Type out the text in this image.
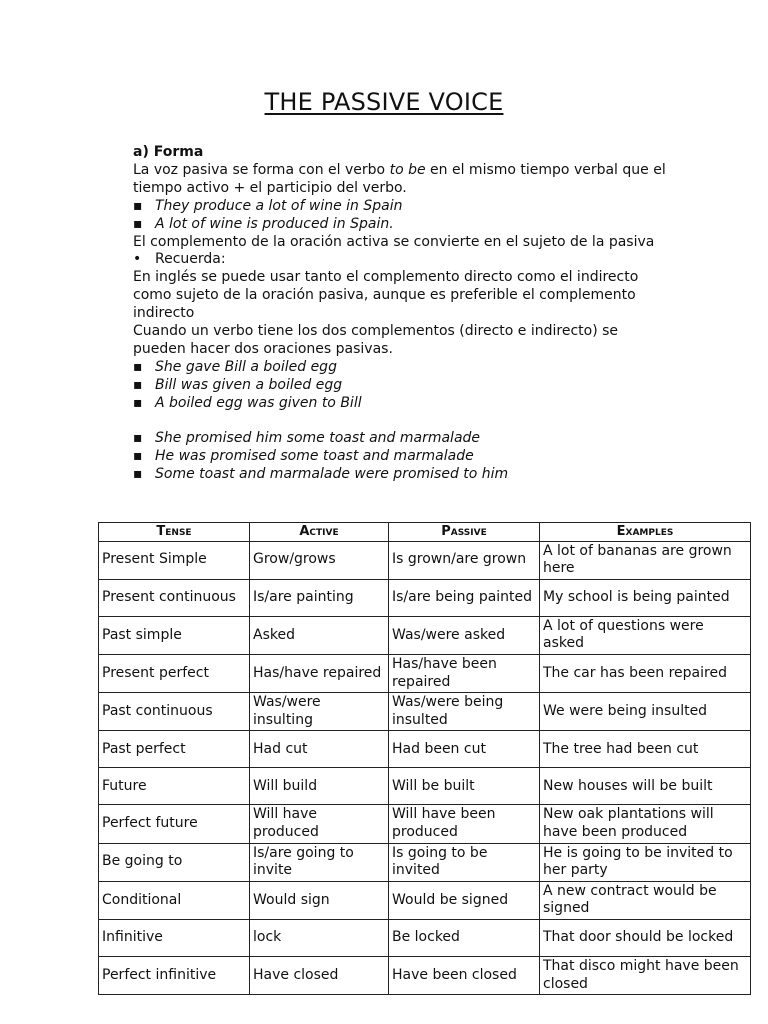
THE PASSIVE VOICE

a) Forma

La voz pasiva se forma con el verbo to be en el mismo tiempo verbal que el tiempo activo + el participio del verbo.

▪ They produce a lot of wine in Spain

▪ A lot of wine is produced in Spain.

El complemento de la oración activa se convierte en el sujeto de la pasiva

• Recuerda:

En inglés se puede usar tanto el complemento directo como el indirecto como sujeto de la oración pasiva, aunque es preferible el complemento indirecto

Cuando un verbo tiene los dos complementos (directo e indirecto) se pueden hacer dos oraciones pasivas.

▪ She gave Bill a boiled egg

▪ Bill was given a boiled egg

▪ A boiled egg was given to Bill

▪ She promised him some toast and marmalade

▪ He was promised some toast and marmalade

▪ Some toast and marmalade were promised to him

Tense	Active	Passive	Examples
Present Simple	Grow/grows	Is grown/are grown	A lot of bananas are grown here
Present continuous	Is/are painting	Is/are being painted	My school is being painted
Past simple	Asked	Was/were asked	A lot of questions were asked
Present perfect	Has/have repaired	Has/have been repaired	The car has been repaired
Past continuous	Was/were insulting	Was/were being insulted	We were being insulted
Past perfect	Had cut	Had been cut	The tree had been cut
Future	Will build	Will be built	New houses will be built
Perfect future	Will have produced	Will have been produced	New oak plantations will have been produced
Be going to	Is/are going to invite	Is going to be invited	He is going to be invited to her party
Conditional	Would sign	Would be signed	A new contract would be signed
Infinitive	lock	Be locked	That door should be locked
Perfect infinitive	Have closed	Have been closed	That disco might have been closed
